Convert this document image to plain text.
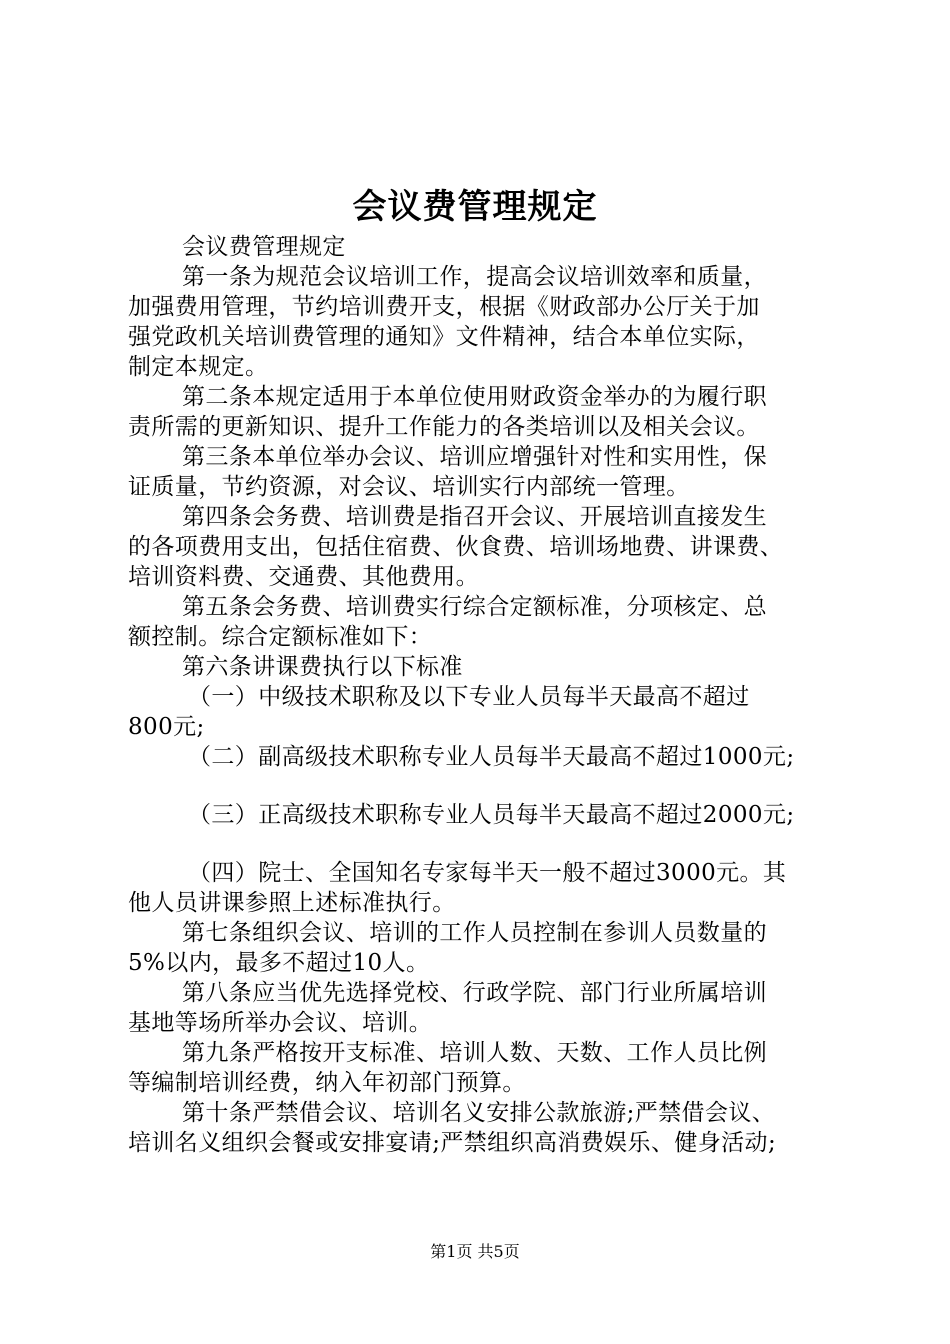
会议费管理规定
会议费管理规定
第一条为规范会议培训工作，提高会议培训效率和质量，
加强费用管理，节约培训费开支，根据《财政部办公厅关于加
强党政机关培训费管理的通知》文件精神，结合本单位实际，
制定本规定。
第二条本规定适用于本单位使用财政资金举办的为履行职
责所需的更新知识、提升工作能力的各类培训以及相关会议。
第三条本单位举办会议、培训应增强针对性和实用性，保
证质量，节约资源，对会议、培训实行内部统一管理。
第四条会务费、培训费是指召开会议、开展培训直接发生
的各项费用支出，包括住宿费、伙食费、培训场地费、讲课费、
培训资料费、交通费、其他费用。
第五条会务费、培训费实行综合定额标准，分项核定、总
额控制。综合定额标准如下：
第六条讲课费执行以下标准
（一）中级技术职称及以下专业人员每半天最高不超过
800元;
（二）副高级技术职称专业人员每半天最高不超过1000元;
（三）正高级技术职称专业人员每半天最高不超过2000元;
（四）院士、全国知名专家每半天一般不超过3000元。其
他人员讲课参照上述标准执行。
第七条组织会议、培训的工作人员控制在参训人员数量的
5%以内，最多不超过10人。
第八条应当优先选择党校、行政学院、部门行业所属培训
基地等场所举办会议、培训。
第九条严格按开支标准、培训人数、天数、工作人员比例
等编制培训经费，纳入年初部门预算。
第十条严禁借会议、培训名义安排公款旅游;严禁借会议、
培训名义组织会餐或安排宴请;严禁组织高消费娱乐、健身活动;
第1页 共5页
